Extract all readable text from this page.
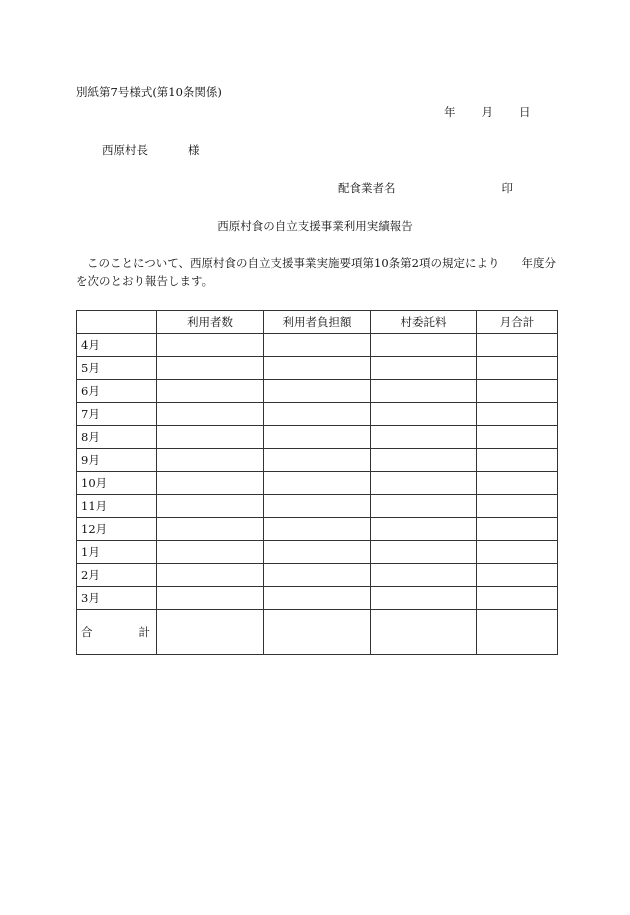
別紙第7号様式(第10条関係)
年 月 日
西原村長	様
配食業者名	印
西原村食の自立支援事業利用実績報告
このことについて、西原村食の自立支援事業実施要項第10条第2項の規定により 年度分を次のとおり報告します。
	利用者数	利用者負担額	村委託料	月合計
4月				
5月				
6月				
7月				
8月				
9月				
10月				
11月				
12月				
1月				
2月				
3月				

合 計				
